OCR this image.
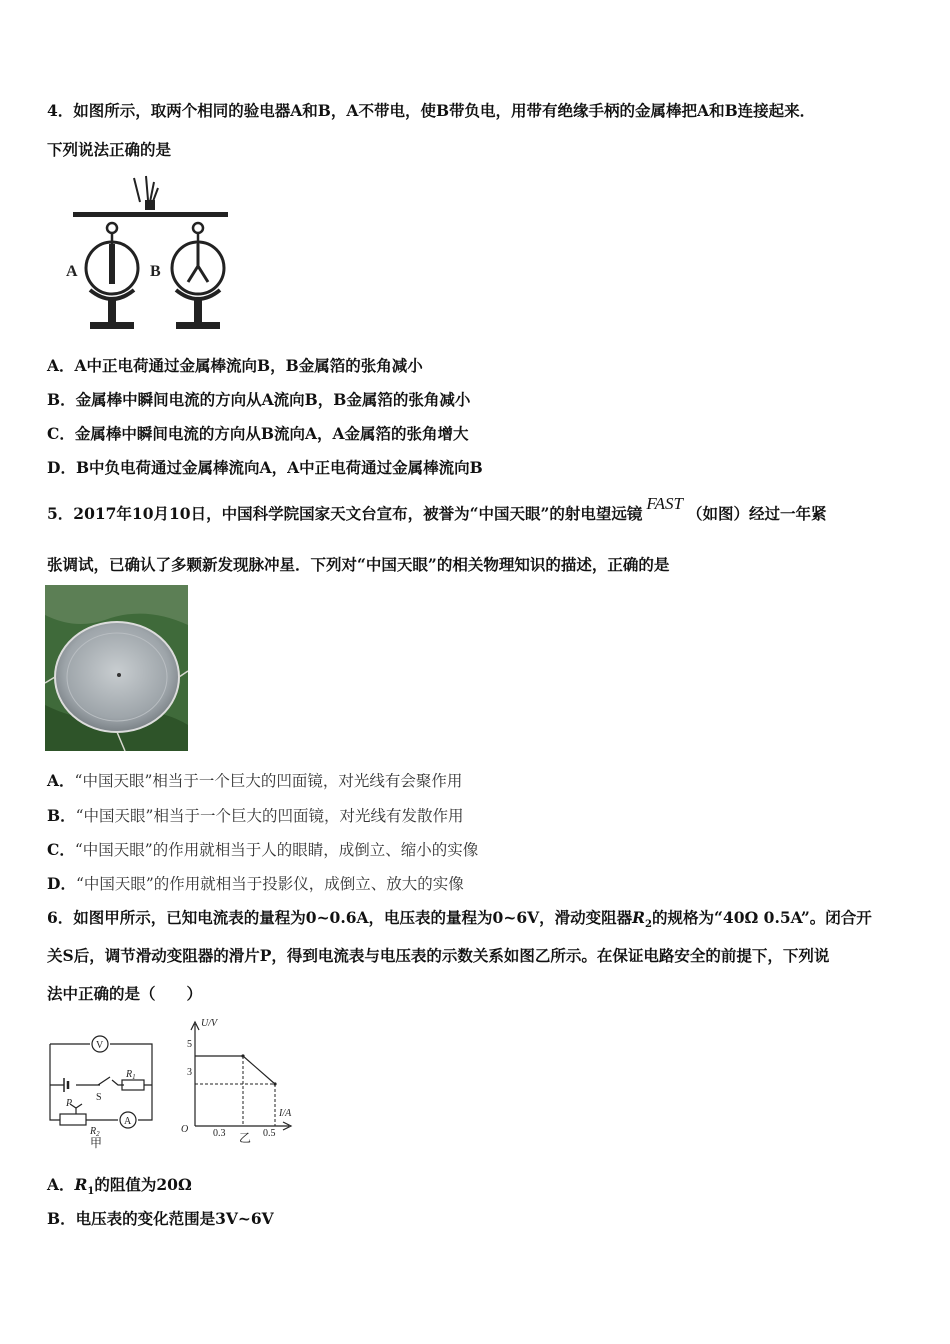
4．如图所示，取两个相同的验电器A和B，A不带电，使B带负电，用带有绝缘手柄的金属棒把A和B连接起来．
下列说法正确的是
A	B
A．A中正电荷通过金属棒流向B，B金属箔的张角减小
B．金属棒中瞬间电流的方向从A流向B，B金属箔的张角减小
C．金属棒中瞬间电流的方向从B流向A，A金属箔的张角增大
D．B中负电荷通过金属棒流向A，A中正电荷通过金属棒流向B
5．2017年10月10日，中国科学院国家天文台宣布，被誉为“中国天眼”的射电望远镜FAST（如图）经过一年紧
张调试，已确认了多颗新发现脉冲星．下列对“中国天眼”的相关物理知识的描述，正确的是
A．“中国天眼”相当于一个巨大的凹面镜，对光线有会聚作用
B．“中国天眼”相当于一个巨大的凹面镜，对光线有发散作用
C．“中国天眼”的作用就相当于人的眼睛，成倒立、缩小的实像
D．“中国天眼”的作用就相当于投影仪，成倒立、放大的实像
6．如图甲所示，已知电流表的量程为0~0.6A，电压表的量程为0~6V，滑动变阻器$R_2$的规格为“40Ω 0.5A”。闭合开
关S后，调节滑动变阻器的滑片P，得到电流表与电压表的示数关系如图乙所示。在保证电路安全的前提下，下列说
法中正确的是（　　）
V
A
$R_1$
$R_2$
S
P
甲
U/V
I/A
O
5
3
0.3	0.5
乙
A．$R_1$的阻值为20Ω
B．电压表的变化范围是3V~6V
